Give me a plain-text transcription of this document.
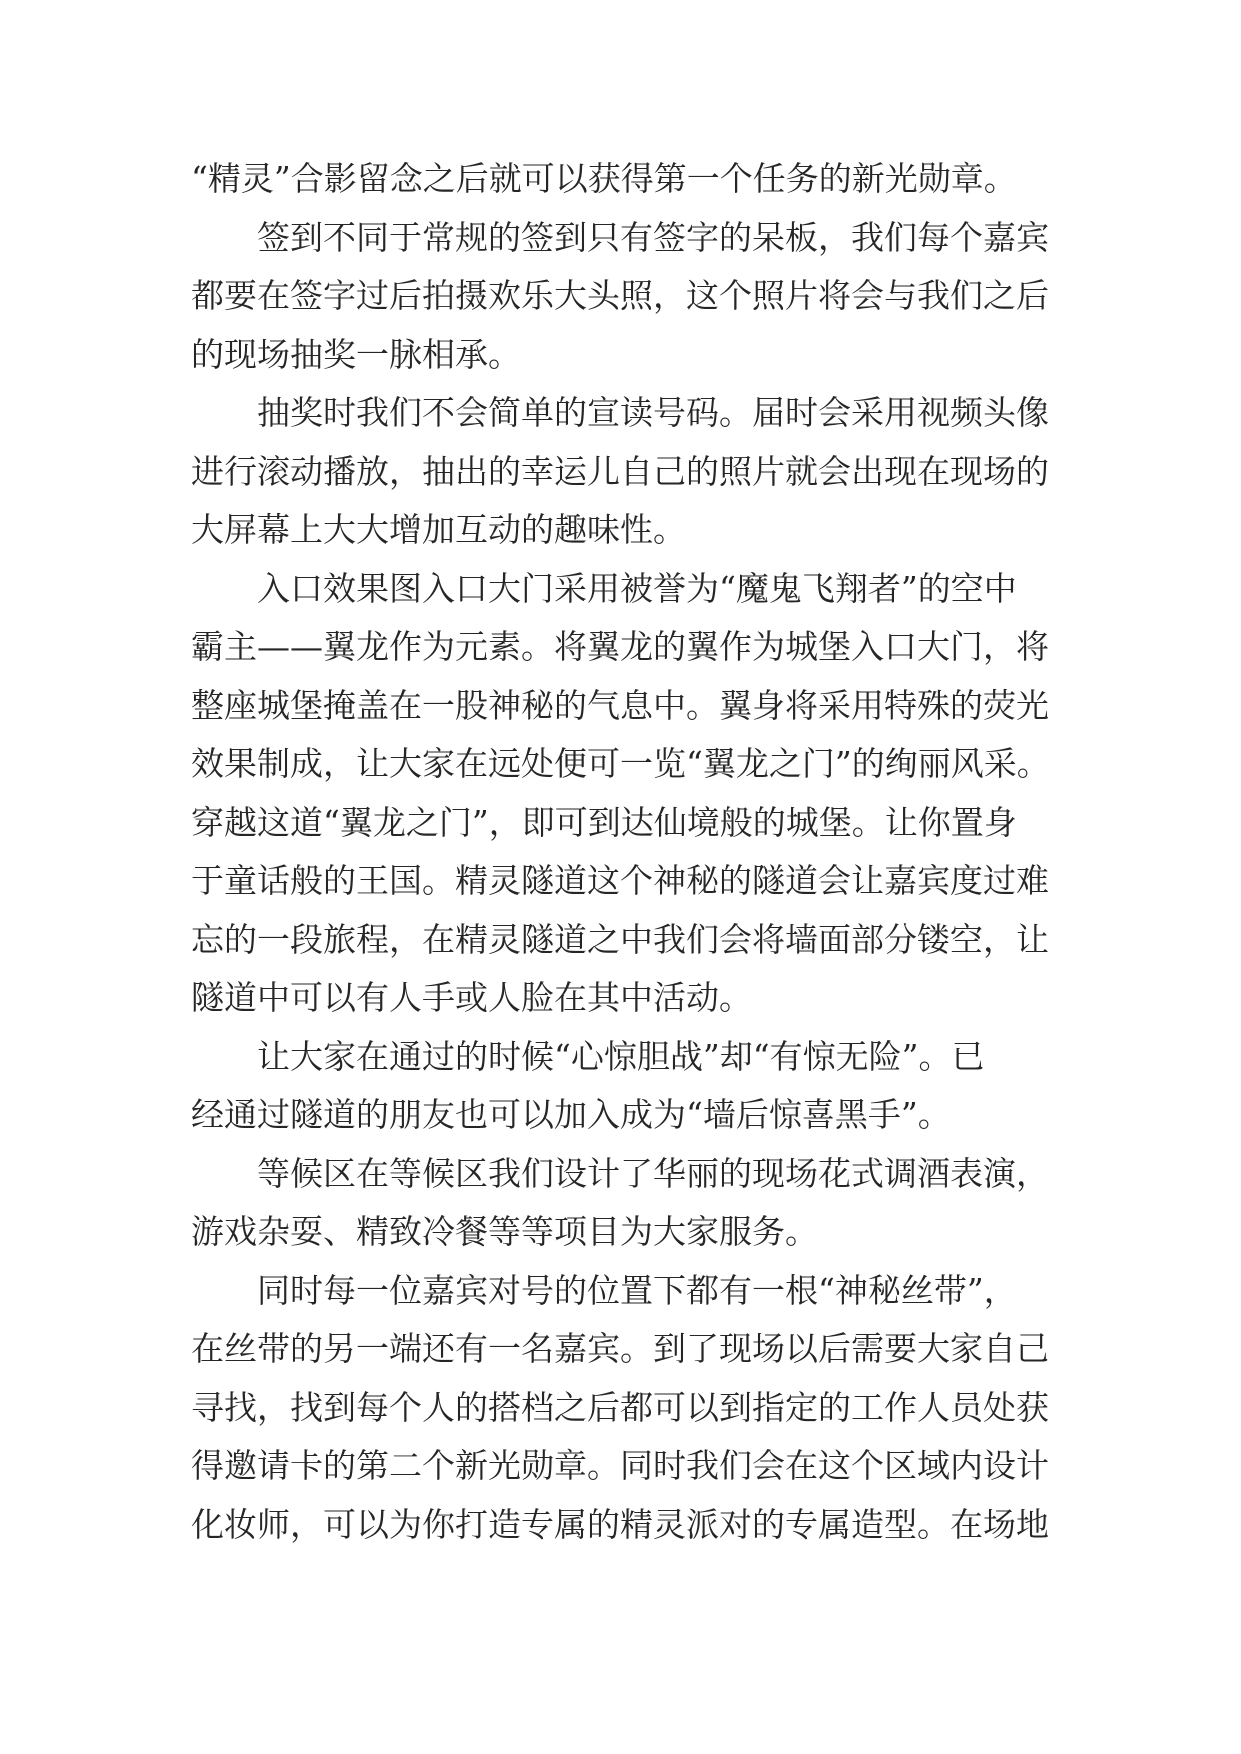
“精灵”合影留念之后就可以获得第一个任务的新光勋章。
签到不同于常规的签到只有签字的呆板，我们每个嘉宾
都要在签字过后拍摄欢乐大头照，这个照片将会与我们之后
的现场抽奖一脉相承。
抽奖时我们不会简单的宣读号码。届时会采用视频头像
进行滚动播放，抽出的幸运儿自己的照片就会出现在现场的
大屏幕上大大增加互动的趣味性。
入口效果图入口大门采用被誉为“魔鬼飞翔者”的空中
霸主——翼龙作为元素。将翼龙的翼作为城堡入口大门，将
整座城堡掩盖在一股神秘的气息中。翼身将采用特殊的荧光
效果制成，让大家在远处便可一览“翼龙之门”的绚丽风采。
穿越这道“翼龙之门”，即可到达仙境般的城堡。让你置身
于童话般的王国。精灵隧道这个神秘的隧道会让嘉宾度过难
忘的一段旅程，在精灵隧道之中我们会将墙面部分镂空，让
隧道中可以有人手或人脸在其中活动。
让大家在通过的时候“心惊胆战”却“有惊无险”。已
经通过隧道的朋友也可以加入成为“墙后惊喜黑手”。
等候区在等候区我们设计了华丽的现场花式调酒表演，
游戏杂耍、精致冷餐等等项目为大家服务。
同时每一位嘉宾对号的位置下都有一根“神秘丝带”，
在丝带的另一端还有一名嘉宾。到了现场以后需要大家自己
寻找，找到每个人的搭档之后都可以到指定的工作人员处获
得邀请卡的第二个新光勋章。同时我们会在这个区域内设计
化妆师，可以为你打造专属的精灵派对的专属造型。在场地
